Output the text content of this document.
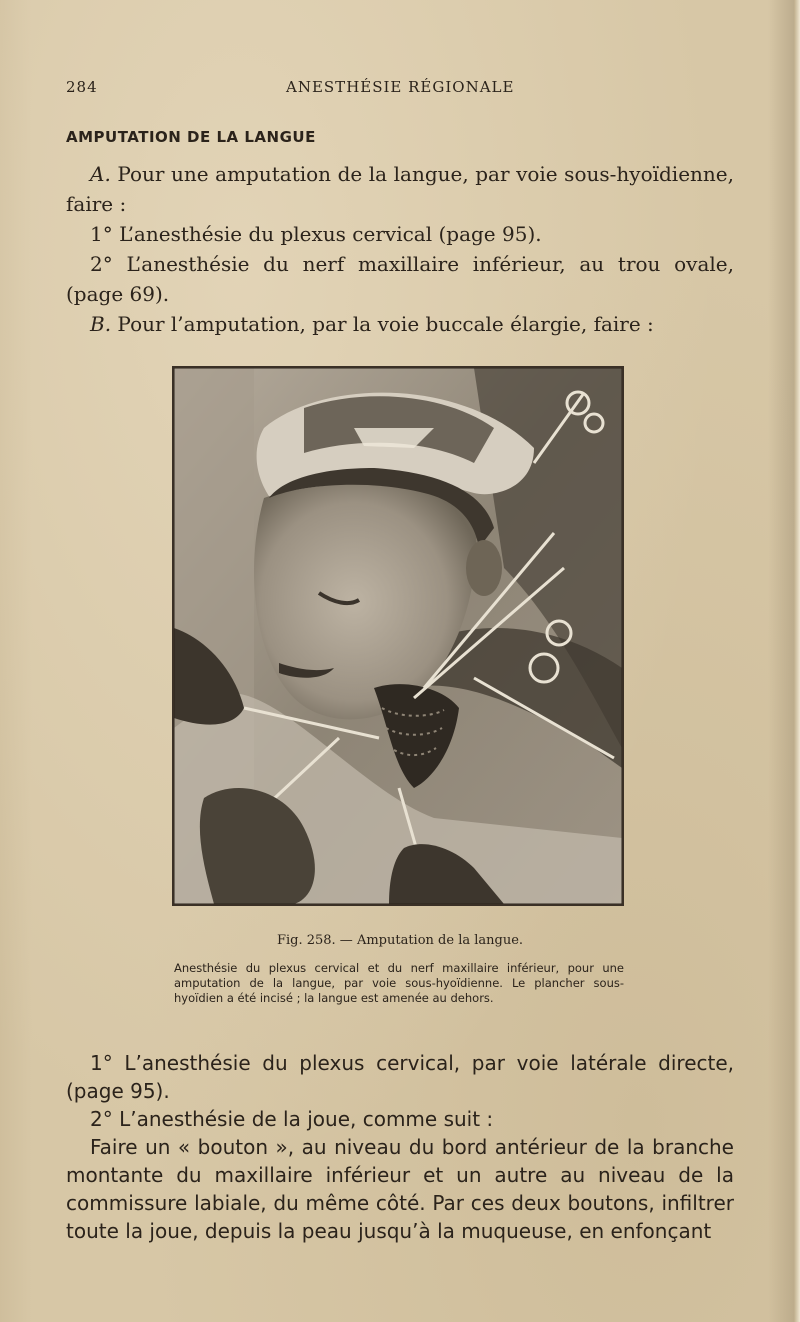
284	ANESTHÉSIE RÉGIONALE
AMPUTATION DE LA LANGUE

A. Pour une amputation de la langue, par voie sous-hyoïdienne, faire :

1° L’anesthésie du plexus cervical (page 95).

2° L’anesthésie du nerf maxillaire inférieur, au trou ovale, (page 69).

B. Pour l’amputation, par la voie buccale élargie, faire :

Fig. 258. — Amputation de la langue.

Anesthésie du plexus cervical et du nerf maxillaire inférieur, pour une amputation de la langue, par voie sous-hyoïdienne. Le plancher sous-hyoïdien a été incisé ; la langue est amenée au dehors.

1° L’anesthésie du plexus cervical, par voie latérale directe, (page 95).

2° L’anesthésie de la joue, comme suit :

Faire un « bouton », au niveau du bord antérieur de la branche montante du maxillaire inférieur et un autre au niveau de la commissure labiale, du même côté. Par ces deux boutons, infiltrer toute la joue, depuis la peau jusqu’à la muqueuse, en enfonçant
